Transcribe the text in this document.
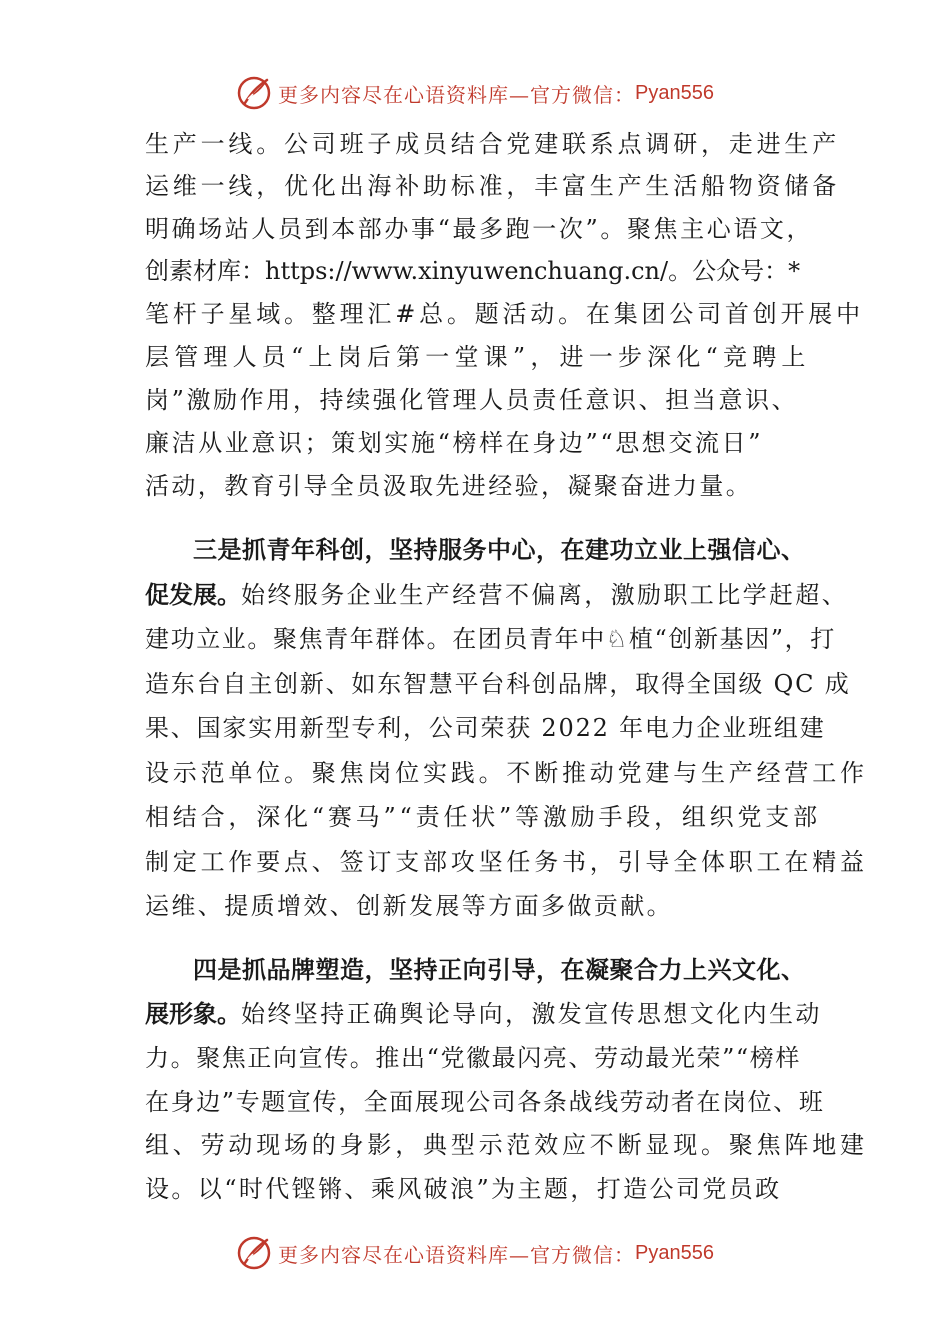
更多内容尽在心语资料库—官方微信： Pyan556
生产一线。公司班子成员结合党建联系点调研，走进生产
运维一线，优化出海补助标准，丰富生产生活船物资储备
明确场站人员到本部办事“最多跑一次”。聚焦主心语文，
创素材库：https://www.xinyuwenchuang.cn/。公众号：*
笔杆子星域。整理汇#总。题活动。在集团公司首创开展中
层管理人员“上岗后第一堂课”，进一步深化“竞聘上
岗”激励作用，持续强化管理人员责任意识、担当意识、
廉洁从业意识；策划实施“榜样在身边”“思想交流日”
活动，教育引导全员汲取先进经验，凝聚奋进力量。
三是抓青年科创，坚持服务中心，在建功立业上强信心、
促发展。始终服务企业生产经营不偏离，激励职工比学赶超、
建功立业。聚焦青年群体。在团员青年中♘植“创新基因”，打
造东台自主创新、如东智慧平台科创品牌，取得全国级 QC 成
果、国家实用新型专利，公司荣获 2022 年电力企业班组建
设示范单位。聚焦岗位实践。不断推动党建与生产经营工作
相结合，深化“赛马”“责任状”等激励手段，组织党支部
制定工作要点、签订支部攻坚任务书，引导全体职工在精益
运维、提质增效、创新发展等方面多做贡献。
四是抓品牌塑造，坚持正向引导，在凝聚合力上兴文化、
展形象。始终坚持正确舆论导向，激发宣传思想文化内生动
力。聚焦正向宣传。推出“党徽最闪亮、劳动最光荣”“榜样
在身边”专题宣传，全面展现公司各条战线劳动者在岗位、班
组、劳动现场的身影，典型示范效应不断显现。聚焦阵地建
设。以“时代铿锵、乘风破浪”为主题，打造公司党员政
更多内容尽在心语资料库—官方微信： Pyan556
